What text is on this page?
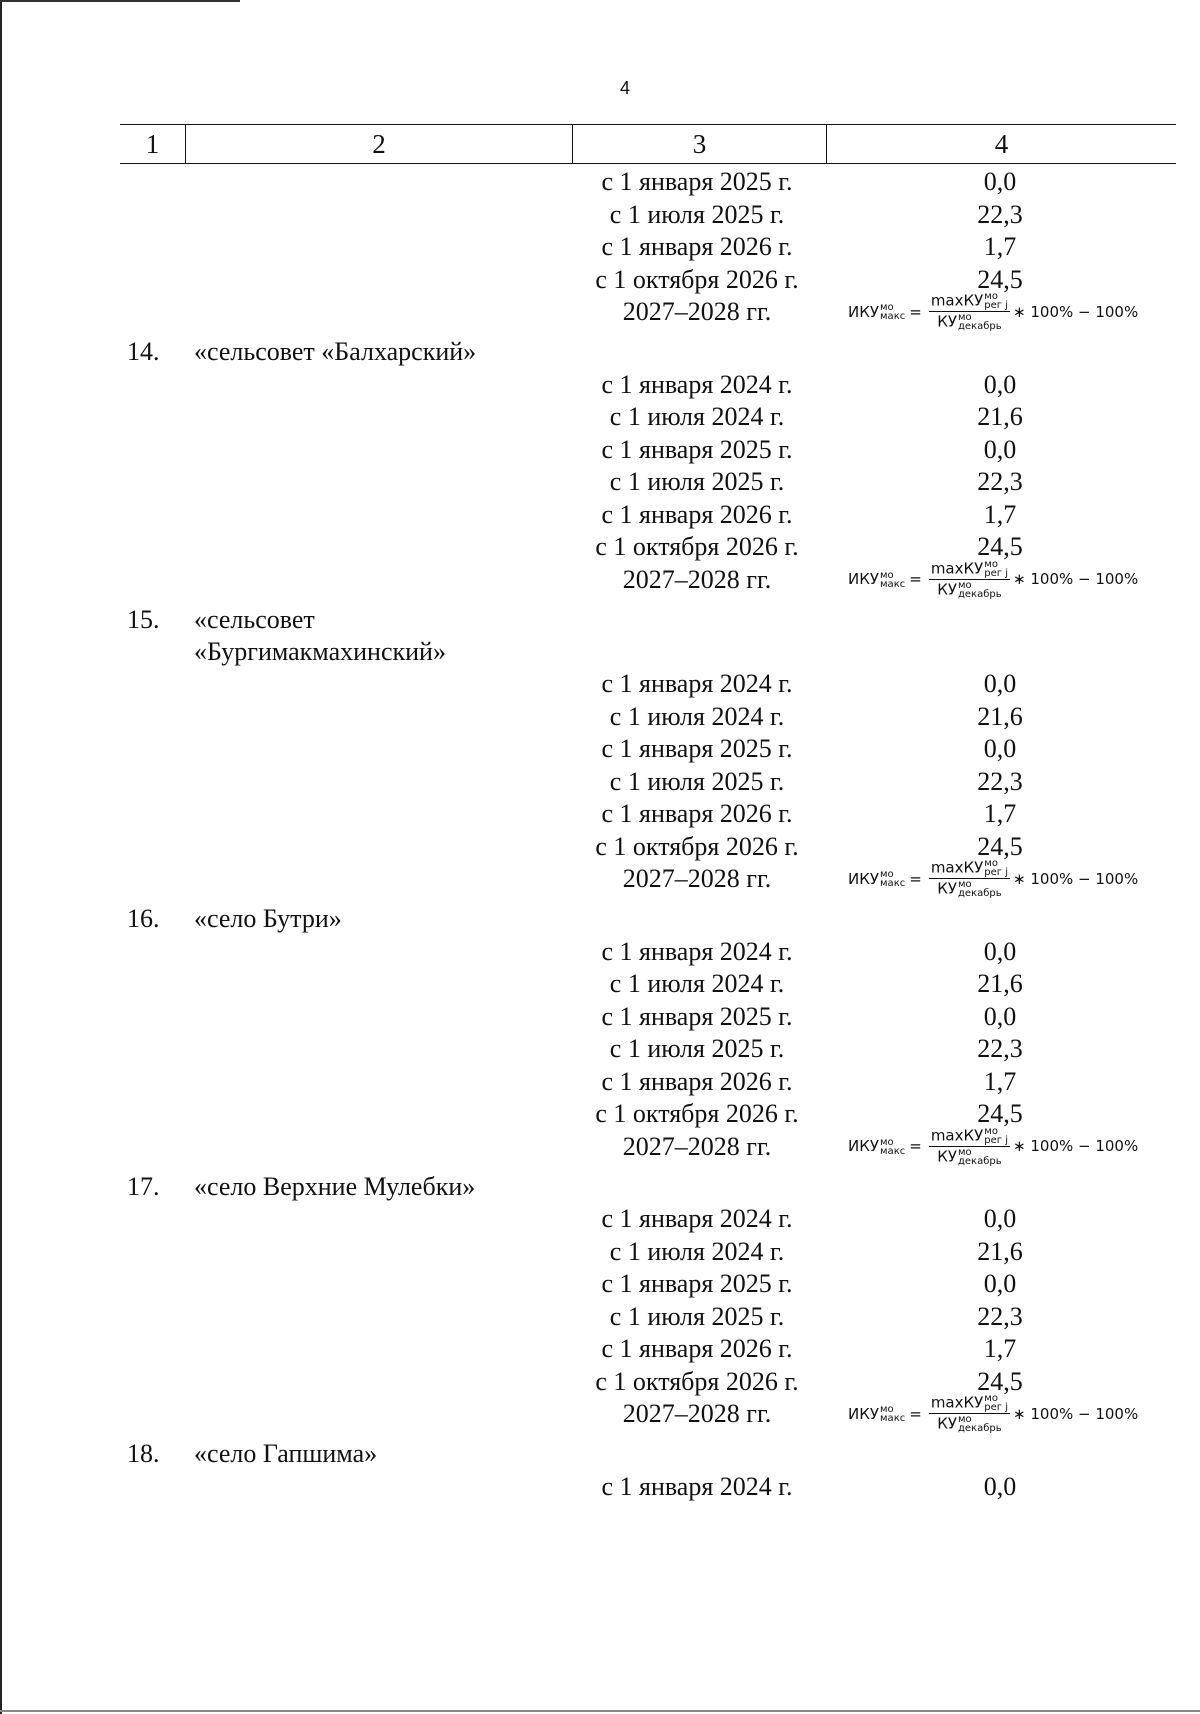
4
1	2	3	4
с 1 января 2025 г.	0,0
с 1 июля 2025 г.	22,3
с 1 января 2026 г.	1,7
с 1 октября 2026 г.	24,5
2027–2028 гг.	ИКУ мо
макс = maxКУ мо
рег j
КУ мо
декабрь ∗ 100% − 100%
14. «сельсовет «Балхарский»
с 1 января 2024 г.	0,0
с 1 июля 2024 г.	21,6
с 1 января 2025 г.	0,0
с 1 июля 2025 г.	22,3
с 1 января 2026 г.	1,7
с 1 октября 2026 г.	24,5
2027–2028 гг.	ИКУ мо
макс = maxКУ мо
рег j
КУ мо
декабрь ∗ 100% − 100%
15. «сельсовет
«Бургимакмахинский»
с 1 января 2024 г.	0,0
с 1 июля 2024 г.	21,6
с 1 января 2025 г.	0,0
с 1 июля 2025 г.	22,3
с 1 января 2026 г.	1,7
с 1 октября 2026 г.	24,5
2027–2028 гг.	ИКУ мо
макс = maxКУ мо
рег j
КУ мо
декабрь ∗ 100% − 100%
16. «село Бутри»
с 1 января 2024 г.	0,0
с 1 июля 2024 г.	21,6
с 1 января 2025 г.	0,0
с 1 июля 2025 г.	22,3
с 1 января 2026 г.	1,7
с 1 октября 2026 г.	24,5
2027–2028 гг.	ИКУ мо
макс = maxКУ мо
рег j
КУ мо
декабрь ∗ 100% − 100%
17. «село Верхние Мулебки»
с 1 января 2024 г.	0,0
с 1 июля 2024 г.	21,6
с 1 января 2025 г.	0,0
с 1 июля 2025 г.	22,3
с 1 января 2026 г.	1,7
с 1 октября 2026 г.	24,5
2027–2028 гг.	ИКУ мо
макс = maxКУ мо
рег j
КУ мо
декабрь ∗ 100% − 100%
18. «село Гапшима»
с 1 января 2024 г.	0,0
